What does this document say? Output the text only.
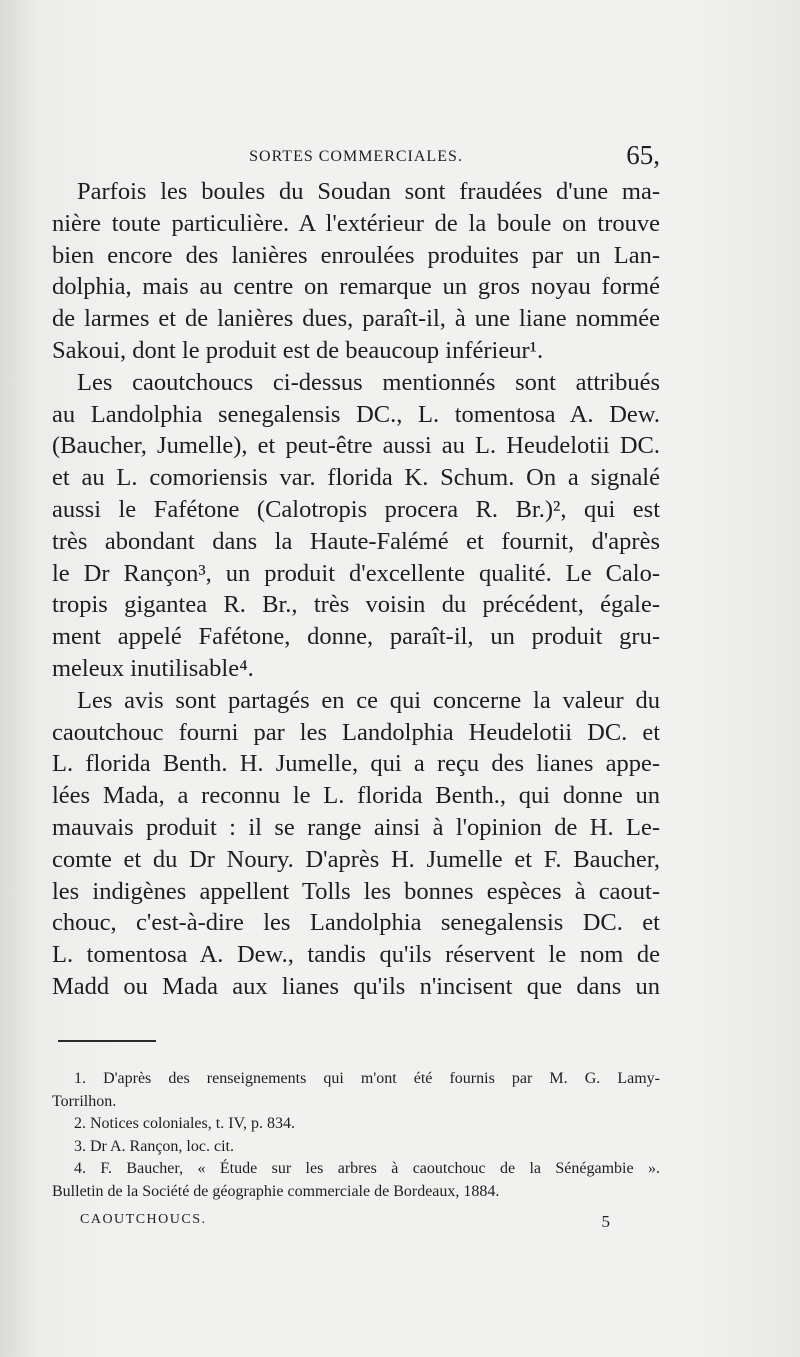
SORTES COMMERCIALES.	65,
Parfois les boules du Soudan sont fraudées d'une ma-
nière toute particulière. A l'extérieur de la boule on trouve
bien encore des lanières enroulées produites par un Lan-
dolphia, mais au centre on remarque un gros noyau formé
de larmes et de lanières dues, paraît-il, à une liane nommée
Sakoui, dont le produit est de beaucoup inférieur¹.
Les caoutchoucs ci-dessus mentionnés sont attribués
au Landolphia senegalensis DC., L. tomentosa A. Dew.
(Baucher, Jumelle), et peut-être aussi au L. Heudelotii DC.
et au L. comoriensis var. florida K. Schum. On a signalé
aussi le Fafétone (Calotropis procera R. Br.)², qui est
très abondant dans la Haute-Falémé et fournit, d'après
le Dr Rançon³, un produit d'excellente qualité. Le Calo-
tropis gigantea R. Br., très voisin du précédent, égale-
ment appelé Fafétone, donne, paraît-il, un produit gru-
meleux inutilisable⁴.
Les avis sont partagés en ce qui concerne la valeur du
caoutchouc fourni par les Landolphia Heudelotii DC. et
L. florida Benth. H. Jumelle, qui a reçu des lianes appe-
lées Mada, a reconnu le L. florida Benth., qui donne un
mauvais produit : il se range ainsi à l'opinion de H. Le-
comte et du Dr Noury. D'après H. Jumelle et F. Baucher,
les indigènes appellent Tolls les bonnes espèces à caout-
chouc, c'est-à-dire les Landolphia senegalensis DC. et
L. tomentosa A. Dew., tandis qu'ils réservent le nom de
Madd ou Mada aux lianes qu'ils n'incisent que dans un
1. D'après des renseignements qui m'ont été fournis par M. G. Lamy-
Torrilhon.
2. Notices coloniales, t. IV, p. 834.
3. Dr A. Rançon, loc. cit.
4. F. Baucher, « Étude sur les arbres à caoutchouc de la Sénégambie ».
Bulletin de la Société de géographie commerciale de Bordeaux, 1884.
CAOUTCHOUCS.	5
